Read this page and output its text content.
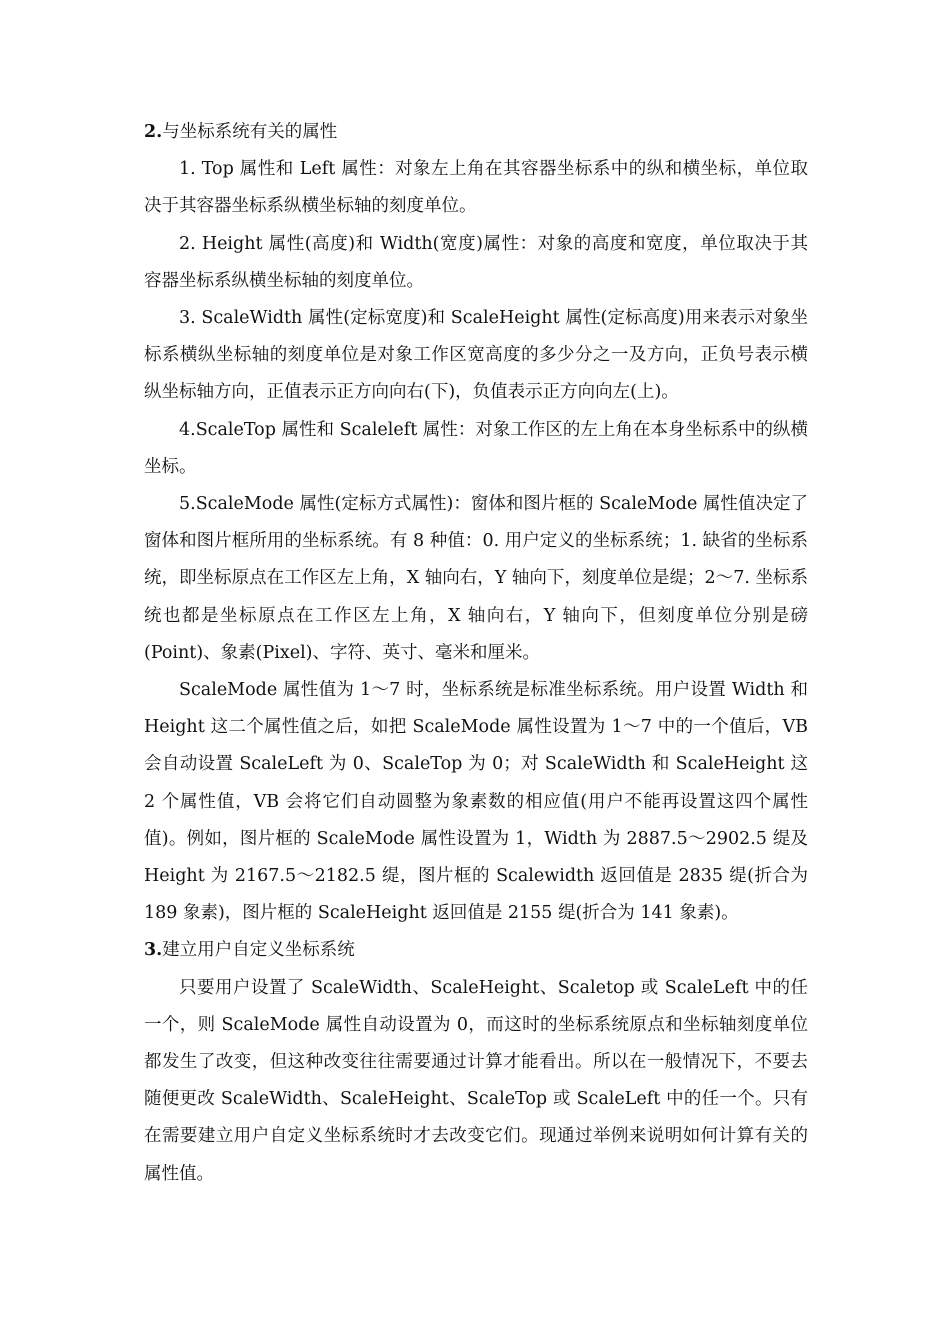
2.与坐标系统有关的属性

1. Top 属性和 Left 属性：对象左上角在其容器坐标系中的纵和横坐标，单位取决于其容器坐标系纵横坐标轴的刻度单位。

2. Height 属性(高度)和 Width(宽度)属性：对象的高度和宽度，单位取决于其容器坐标系纵横坐标轴的刻度单位。

3. ScaleWidth 属性(定标宽度)和 ScaleHeight 属性(定标高度)用来表示对象坐标系横纵坐标轴的刻度单位是对象工作区宽高度的多少分之一及方向，正负号表示横纵坐标轴方向，正值表示正方向向右(下)，负值表示正方向向左(上)。

4.ScaleTop 属性和 Scaleleft 属性：对象工作区的左上角在本身坐标系中的纵横坐标。

5.ScaleMode 属性(定标方式属性)：窗体和图片框的 ScaleMode 属性值决定了窗体和图片框所用的坐标系统。有 8 种值：0. 用户定义的坐标系统；1. 缺省的坐标系统，即坐标原点在工作区左上角，X 轴向右，Y 轴向下，刻度单位是缇；2～7. 坐标系统也都是坐标原点在工作区左上角，X 轴向右，Y 轴向下，但刻度单位分别是磅(Point)、象素(Pixel)、字符、英寸、毫米和厘米。

ScaleMode 属性值为 1～7 时，坐标系统是标准坐标系统。用户设置 Width 和 Height 这二个属性值之后，如把 ScaleMode 属性设置为 1～7 中的一个值后，VB 会自动设置 ScaleLeft 为 0、ScaleTop 为 0；对 ScaleWidth 和 ScaleHeight 这 2 个属性值，VB 会将它们自动圆整为象素数的相应值(用户不能再设置这四个属性值)。例如，图片框的 ScaleMode 属性设置为 1，Width 为 2887.5～2902.5 缇及 Height 为 2167.5～2182.5 缇，图片框的 Scalewidth 返回值是 2835 缇(折合为 189 象素)，图片框的 ScaleHeight 返回值是 2155 缇(折合为 141 象素)。

3.建立用户自定义坐标系统

只要用户设置了 ScaleWidth、ScaleHeight、Scaletop 或 ScaleLeft 中的任一个，则 ScaleMode 属性自动设置为 0，而这时的坐标系统原点和坐标轴刻度单位都发生了改变，但这种改变往往需要通过计算才能看出。所以在一般情况下，不要去随便更改 ScaleWidth、ScaleHeight、ScaleTop 或 ScaleLeft 中的任一个。只有在需要建立用户自定义坐标系统时才去改变它们。现通过举例来说明如何计算有关的属性值。
